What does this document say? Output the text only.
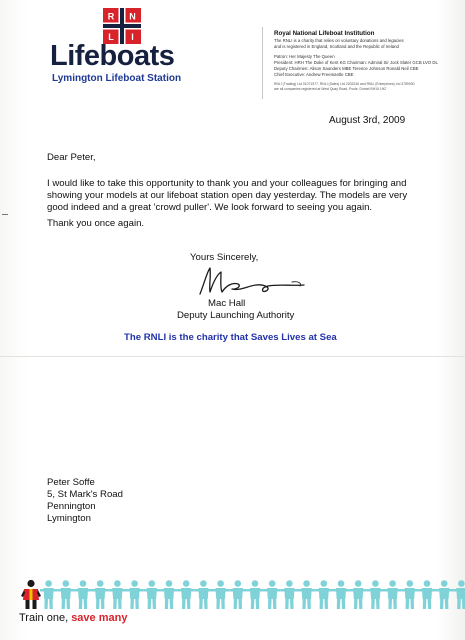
R N
L I
Lifeboats
Lymington Lifeboat Station
Royal National Lifeboat Institution
The RNLI is a charity that relies on voluntary donations and legacies
and is registered in England, Scotland and the Republic of Ireland
Patron: Her Majesty The Queen
President: HRH The Duke of Kent KG Chairman: Admiral Sir Jock Slater GCB LVO DL
Deputy Chairmen: Alison Saunders MBE Terence Johnson Ronald Neil CBE
Chief Executive: Andrew Freemantle CBE
RNLI (Trading) Ltd 01071577, RNLI (Sales) Ltd 2202246 and RNLI (Enterprises) Ltd 3789930
are all companies registered at West Quay Road, Poole, Dorset BH15 1HZ
August 3rd, 2009
Dear Peter,
I would like to take this opportunity to thank you and your colleagues for bringing and
showing your models at our lifeboat station open day yesterday. The models are very
good indeed and a great 'crowd puller'. We look forward to seeing you again.
Thank you once again.
Yours Sincerely,
Mac Hall
Deputy Launching Authority
The RNLI is the charity that Saves Lives at Sea
Peter Soffe
5, St Mark's Road
Pennington
Lymington
Train one, save many
